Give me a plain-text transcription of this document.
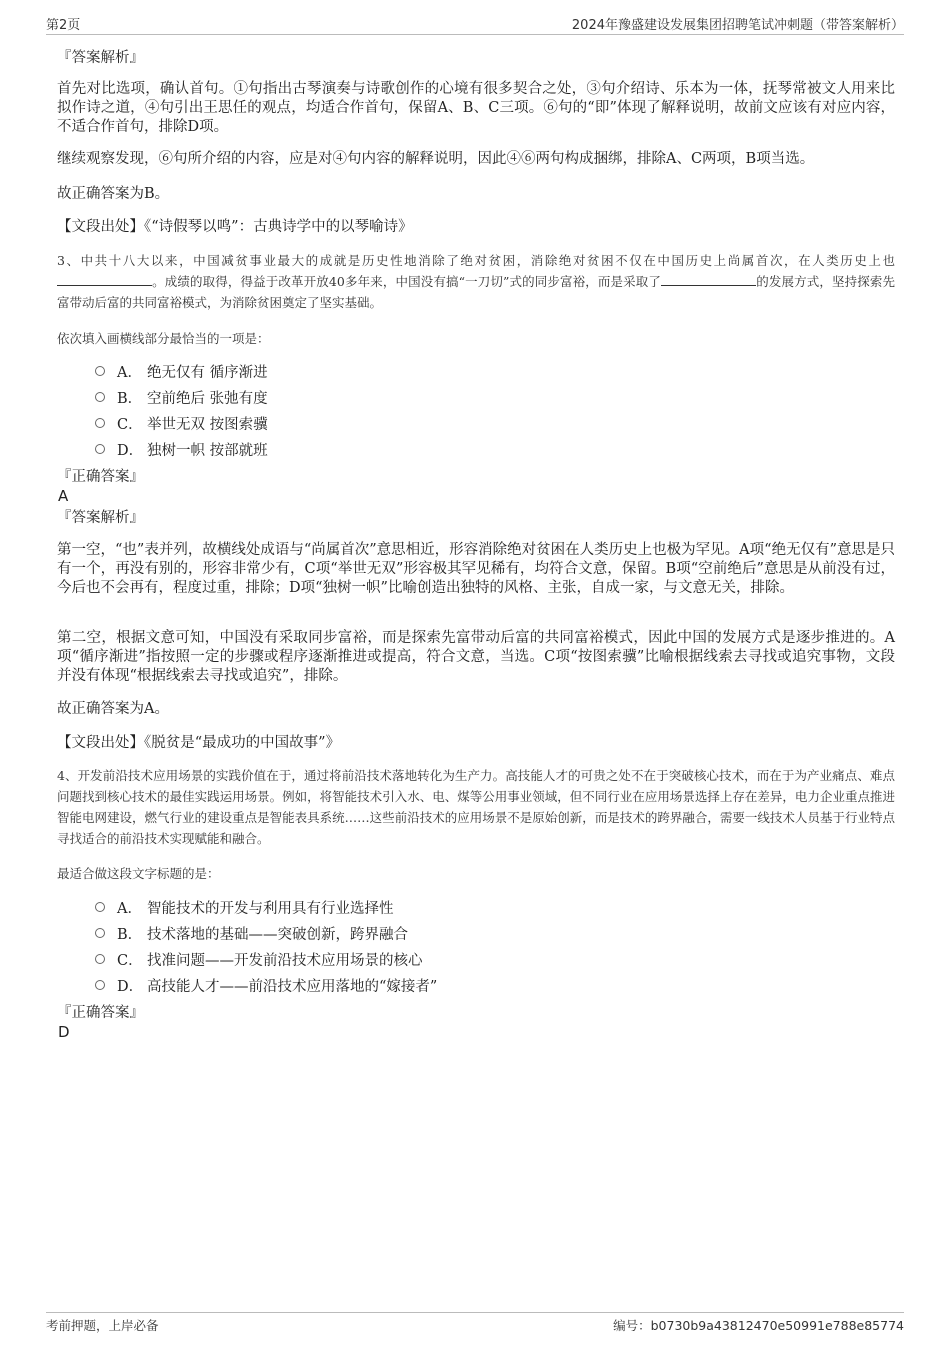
第2页	2024年豫盛建设发展集团招聘笔试冲刺题（带答案解析）
『答案解析』
首先对比选项，确认首句。①句指出古琴演奏与诗歌创作的心境有很多契合之处，③句介绍诗、乐本为一体，抚琴常被文人用来比拟作诗之道，④句引出王思任的观点，均适合作首句，保留A、B、C三项。⑥句的“即”体现了解释说明，故前文应该有对应内容，不适合作首句，排除D项。
继续观察发现，⑥句所介绍的内容，应是对④句内容的解释说明，因此④⑥两句构成捆绑，排除A、C两项，B项当选。
故正确答案为B。
【文段出处】《“诗假琴以鸣”：古典诗学中的以琴喻诗》
3、中共十八大以来，中国减贫事业最大的成就是历史性地消除了绝对贫困，消除绝对贫困不仅在中国历史上尚属首次，在人类历史上也。成绩的取得，得益于改革开放40多年来，中国没有搞“一刀切”式的同步富裕，而是采取了	的发展方式，坚持探索先富带动后富的共同富裕模式，为消除贫困奠定了坚实基础。
依次填入画横线部分最恰当的一项是：
A． 绝无仅有 循序渐进
B． 空前绝后 张弛有度
C． 举世无双 按图索骥
D． 独树一帜 按部就班
『正确答案』
A
『答案解析』
第一空，“也”表并列，故横线处成语与“尚属首次”意思相近，形容消除绝对贫困在人类历史上也极为罕见。A项“绝无仅有”意思是只有一个，再没有别的，形容非常少有，C项“举世无双”形容极其罕见稀有，均符合文意，保留。B项“空前绝后”意思是从前没有过，今后也不会再有，程度过重，排除；D项“独树一帜”比喻创造出独特的风格、主张，自成一家，与文意无关，排除。
第二空，根据文意可知，中国没有采取同步富裕，而是探索先富带动后富的共同富裕模式，因此中国的发展方式是逐步推进的。A项“循序渐进”指按照一定的步骤或程序逐渐推进或提高，符合文意，当选。C项“按图索骥”比喻根据线索去寻找或追究事物，文段并没有体现“根据线索去寻找或追究”，排除。
故正确答案为A。
【文段出处】《脱贫是“最成功的中国故事”》
4、开发前沿技术应用场景的实践价值在于，通过将前沿技术落地转化为生产力。高技能人才的可贵之处不在于突破核心技术，而在于为产业痛点、难点问题找到核心技术的最佳实践运用场景。例如，将智能技术引入水、电、煤等公用事业领域，但不同行业在应用场景选择上存在差异，电力企业重点推进智能电网建设，燃气行业的建设重点是智能表具系统……这些前沿技术的应用场景不是原始创新，而是技术的跨界融合，需要一线技术人员基于行业特点寻找适合的前沿技术实现赋能和融合。
最适合做这段文字标题的是：
A． 智能技术的开发与利用具有行业选择性
B． 技术落地的基础——突破创新，跨界融合
C． 找准问题——开发前沿技术应用场景的核心
D． 高技能人才——前沿技术应用落地的“嫁接者”
『正确答案』
D
考前押题，上岸必备	编号：b0730b9a43812470e50991e788e85774
